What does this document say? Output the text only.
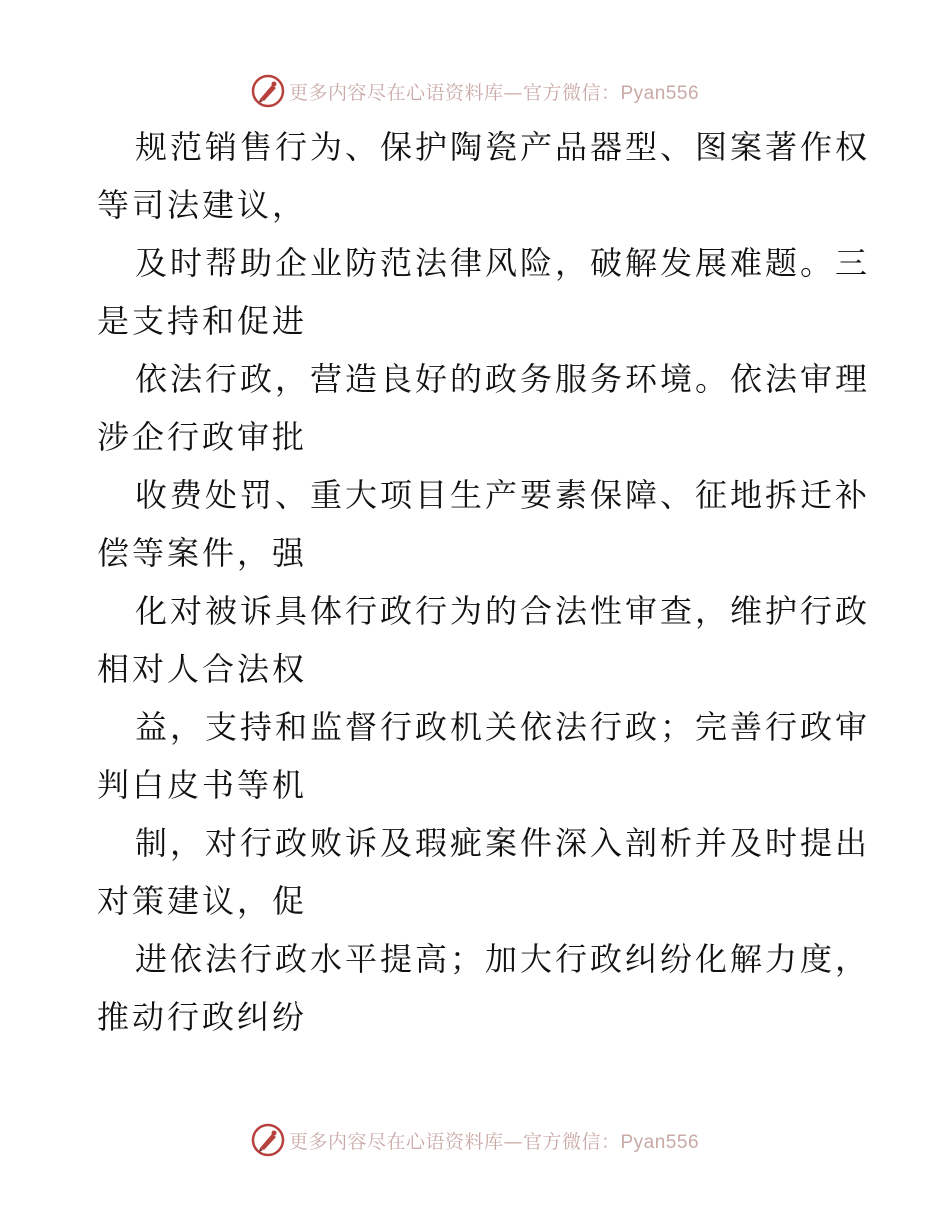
更多内容尽在心语资料库—官方微信：Pyan556

规范销售行为、保护陶瓷产品器型、图案著作权
等司法建议，

及时帮助企业防范法律风险，破解发展难题。三
是支持和促进

依法行政，营造良好的政务服务环境。依法审理
涉企行政审批

收费处罚、重大项目生产要素保障、征地拆迁补
偿等案件，强

化对被诉具体行政行为的合法性审查，维护行政
相对人合法权

益，支持和监督行政机关依法行政；完善行政审
判白皮书等机

制，对行政败诉及瑕疵案件深入剖析并及时提出
对策建议，促

进依法行政水平提高；加大行政纠纷化解力度，
推动行政纠纷

更多内容尽在心语资料库—官方微信：Pyan556
